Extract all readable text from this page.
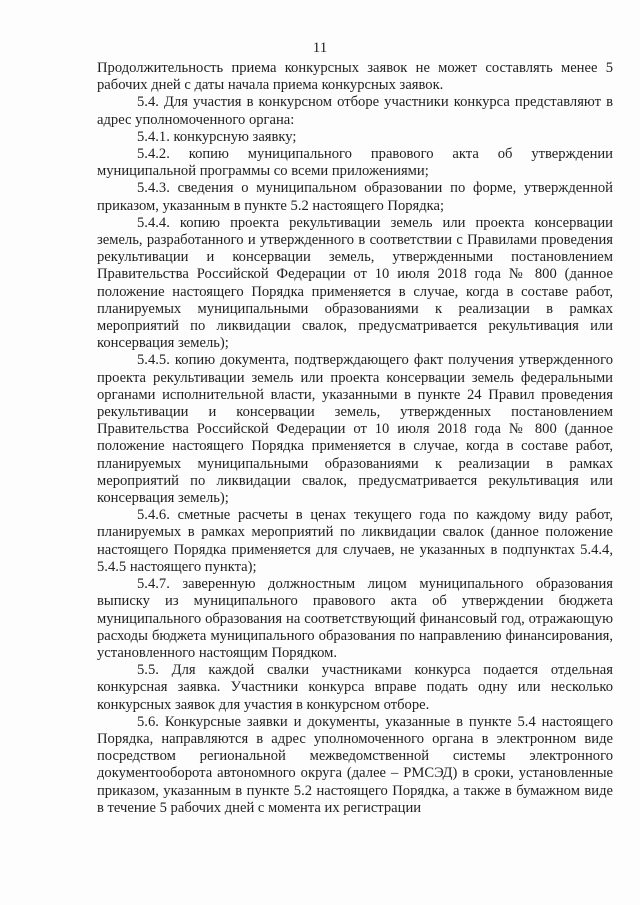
11

Продолжительность приема конкурсных заявок не может составлять менее 5 рабочих дней с даты начала приема конкурсных заявок.

5.4. Для участия в конкурсном отборе участники конкурса представляют в адрес уполномоченного органа:

5.4.1. конкурсную заявку;

5.4.2. копию муниципального правового акта об утверждении муниципальной программы со всеми приложениями;

5.4.3. сведения о муниципальном образовании по форме, утвержденной приказом, указанным в пункте 5.2 настоящего Порядка;

5.4.4. копию проекта рекультивации земель или проекта консервации земель, разработанного и утвержденного в соответствии с Правилами проведения рекультивации и консервации земель, утвержденными постановлением Правительства Российской Федерации от 10 июля 2018 года № 800 (данное положение настоящего Порядка применяется в случае, когда в составе работ, планируемых муниципальными образованиями к реализации в рамках мероприятий по ликвидации свалок, предусматривается рекультивация или консервация земель);

5.4.5. копию документа, подтверждающего факт получения утвержденного проекта рекультивации земель или проекта консервации земель федеральными органами исполнительной власти, указанными в пункте 24 Правил проведения рекультивации и консервации земель, утвержденных постановлением Правительства Российской Федерации от 10 июля 2018 года № 800 (данное положение настоящего Порядка применяется в случае, когда в составе работ, планируемых муниципальными образованиями к реализации в рамках мероприятий по ликвидации свалок, предусматривается рекультивация или консервация земель);

5.4.6. сметные расчеты в ценах текущего года по каждому виду работ, планируемых в рамках мероприятий по ликвидации свалок (данное положение настоящего Порядка применяется для случаев, не указанных в подпунктах 5.4.4, 5.4.5 настоящего пункта);

5.4.7. заверенную должностным лицом муниципального образования выписку из муниципального правового акта об утверждении бюджета муниципального образования на соответствующий финансовый год, отражающую расходы бюджета муниципального образования по направлению финансирования, установленного настоящим Порядком.

5.5. Для каждой свалки участниками конкурса подается отдельная конкурсная заявка. Участники конкурса вправе подать одну или несколько конкурсных заявок для участия в конкурсном отборе.

5.6. Конкурсные заявки и документы, указанные в пункте 5.4 настоящего Порядка, направляются в адрес уполномоченного органа в электронном виде посредством региональной межведомственной системы электронного документооборота автономного округа (далее – РМСЭД) в сроки, установленные приказом, указанным в пункте 5.2 настоящего Порядка, а также в бумажном виде в течение 5 рабочих дней с момента их регистрации
